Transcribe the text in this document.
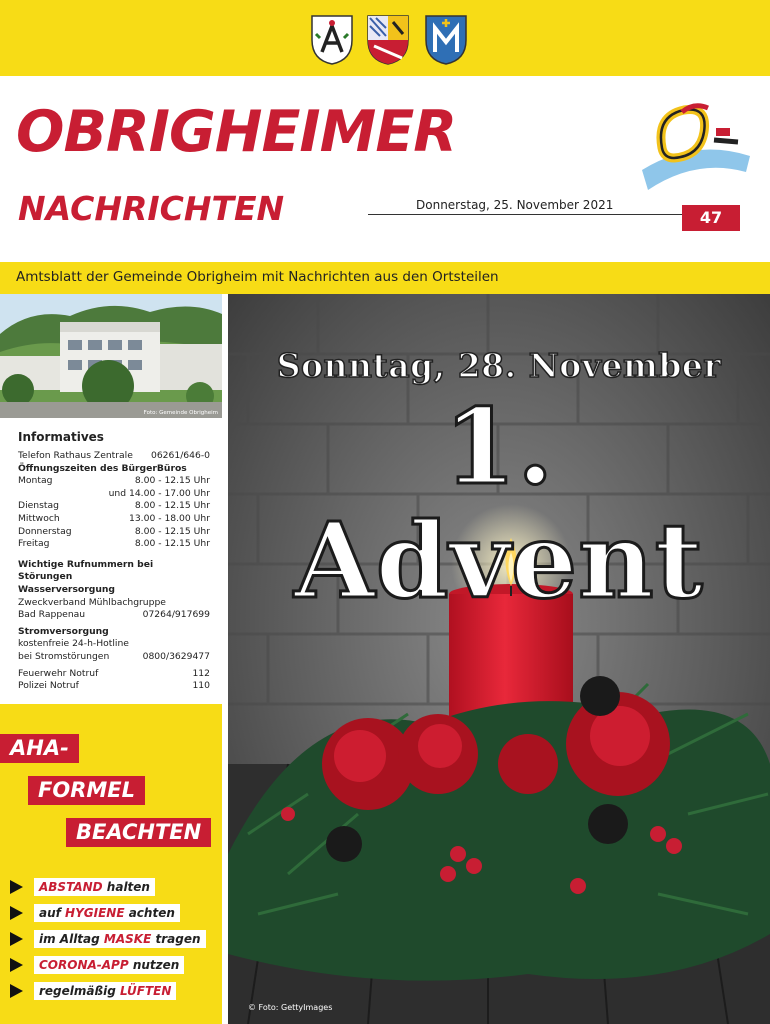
OBRIGHEIMER
NACHRICHTEN	Donnerstag, 25. November 2021
47
Amtsblatt der Gemeinde Obrigheim mit Nachrichten aus den Ortsteilen
Foto: Gemeinde Obrigheim
Informatives
Telefon Rathaus Zentrale 06261/646-0
Öffnungszeiten des BürgerBüros
Montag	8.00 - 12.15 Uhr
und 14.00 - 17.00 Uhr
Dienstag	8.00 - 12.15 Uhr
Mittwoch	13.00 - 18.00 Uhr
Donnerstag	8.00 - 12.15 Uhr
Freitag	8.00 - 12.15 Uhr
Wichtige Rufnummern bei Störungen
Wasserversorgung
Zweckverband Mühlbachgruppe
Bad Rappenau	07264/917699
Stromversorgung
kostenfreie 24-h-Hotline
bei Stromstörungen	0800/3629477
Feuerwehr Notruf	112
Polizei Notruf	110
AHA-
FORMEL
BEACHTEN
ABSTAND halten
auf HYGIENE achten
im Alltag MASKE tragen
CORONA-APP nutzen
regelmäßig LÜFTEN
Sonntag, 28. November
1. Advent
© Foto: GettyImages
